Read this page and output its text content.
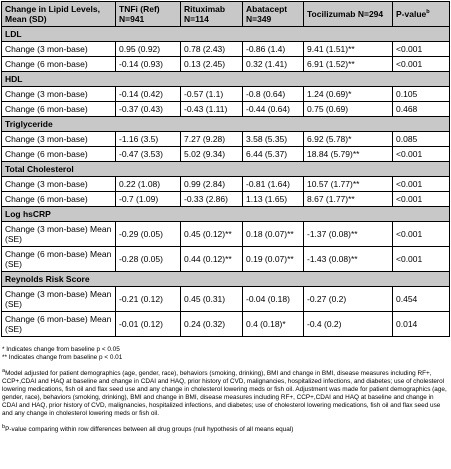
Change in Lipid Levels, Mean (SD)	TNFi (Ref) N=941	Rituximab N=114	Abatacept N=349	Tocilizumab N=294	P-value$^b$
LDL					
Change (3 mon-base)	0.95 (0.92)	0.78 (2.43)	-0.86 (1.4)	9.41 (1.51)**	<0.001
Change (6 mon-base)	-0.14 (0.93)	0.13 (2.45)	0.32 (1.41)	6.91 (1.52)**	<0.001
HDL					
Change (3 mon-base)	-0.14 (0.42)	-0.57 (1.1)	-0.8 (0.64)	1.24 (0.69)*	0.105
Change (6 mon-base)	-0.37 (0.43)	-0.43 (1.11)	-0.44 (0.64)	0.75 (0.69)	0.468
Triglyceride					
Change (3 mon-base)	-1.16 (3.5)	7.27 (9.28)	3.58 (5.35)	6.92 (5.78)*	0.085
Change (6 mon-base)	-0.47 (3.53)	5.02 (9.34)	6.44 (5.37)	18.84 (5.79)**	<0.001
Total Cholesterol					
Change (3 mon-base)	0.22 (1.08)	0.99 (2.84)	-0.81 (1.64)	10.57 (1.77)**	<0.001
Change (6 mon-base)	-0.7 (1.09)	-0.33 (2.86)	1.13 (1.65)	8.67 (1.77)**	<0.001
Log hsCRP					
Change (3 mon-base) Mean (SE)	-0.29 (0.05)	0.45 (0.12)**	0.18 (0.07)**	-1.37 (0.08)**	<0.001
Change (6 mon-base) Mean (SE)	-0.28 (0.05)	0.44 (0.12)**	0.19 (0.07)**	-1.43 (0.08)**	<0.001
Reynolds Risk Score					
Change (3 mon-base) Mean (SE)	-0.21 (0.12)	0.45 (0.31)	-0.04 (0.18)	-0.27 (0.2)	0.454
Change (6 mon-base) Mean (SE)	-0.01 (0.12)	0.24 (0.32)	0.4 (0.18)*	-0.4 (0.2)	0.014
* Indicates change from baseline p < 0.05
** Indicates change from baseline p < 0.01
$^a$Model adjusted for patient demographics (age, gender, race), behaviors (smoking, drinking), BMI and change in BMI, disease measures including RF+, CCP+,CDAI and HAQ at baseline and change in CDAI and HAQ, prior history of CVD, malignancies, hospitalized infections, and diabetes; use of cholesterol lowering medications, fish oil and flax seed use and any change in cholesterol lowering meds or fish oil. Adjustment was made for patient demographics (age, gender, race), behaviors (smoking, drinking), BMI and change in BMI, disease measures including RF+, CCP+,CDAI and HAQ at baseline and change in CDAI and HAQ, prior history of CVD, malignancies, hospitalized infections, and diabetes; use of cholesterol lowering medications, fish oil and flax seed use and any change in cholesterol lowering meds or fish oil.
$^b$P-value comparing within row differences between all drug groups (null hypothesis of all means equal)
